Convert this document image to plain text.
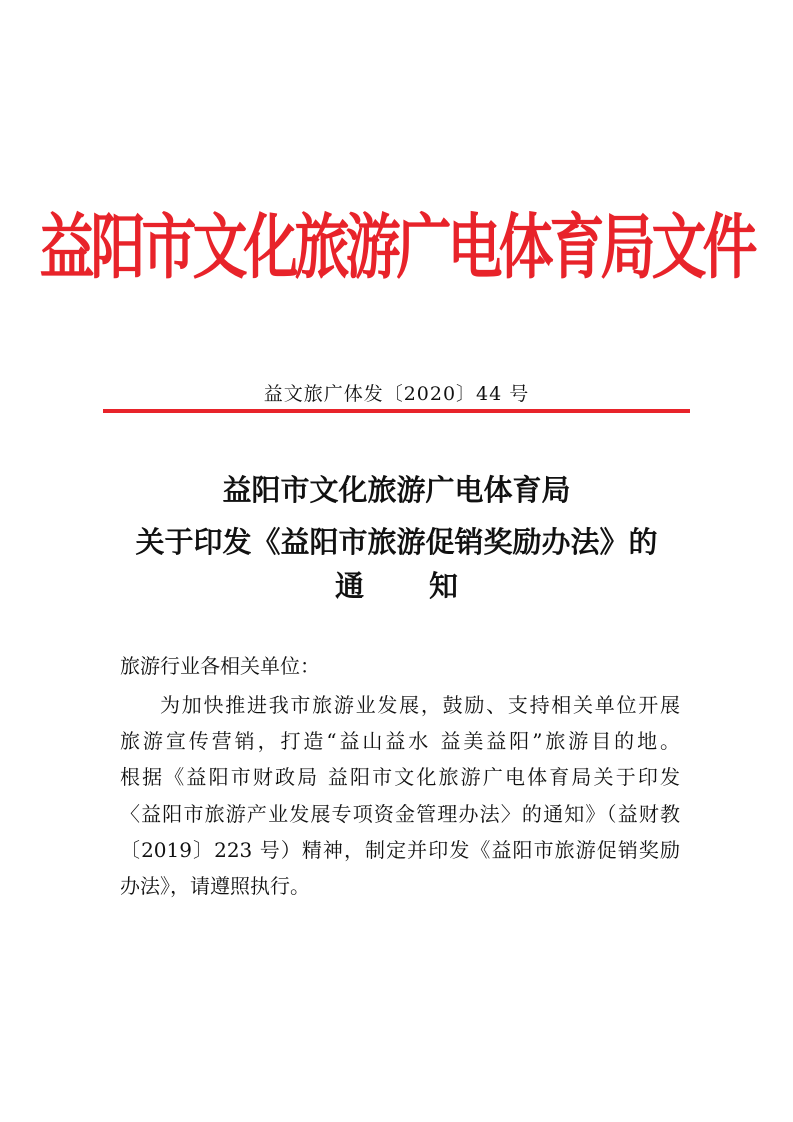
益阳市文化旅游广电体育局文件
益文旅广体发〔2020〕44 号
益阳市文化旅游广电体育局
关于印发《益阳市旅游促销奖励办法》的
通 知
旅游行业各相关单位：
为加快推进我市旅游业发展，鼓励、支持相关单位开展
旅游宣传营销，打造“益山益水 益美益阳”旅游目的地。
根据《益阳市财政局 益阳市文化旅游广电体育局关于印发
〈益阳市旅游产业发展专项资金管理办法〉的通知》（益财教
〔2019〕223 号）精神，制定并印发《益阳市旅游促销奖励
办法》，请遵照执行。
